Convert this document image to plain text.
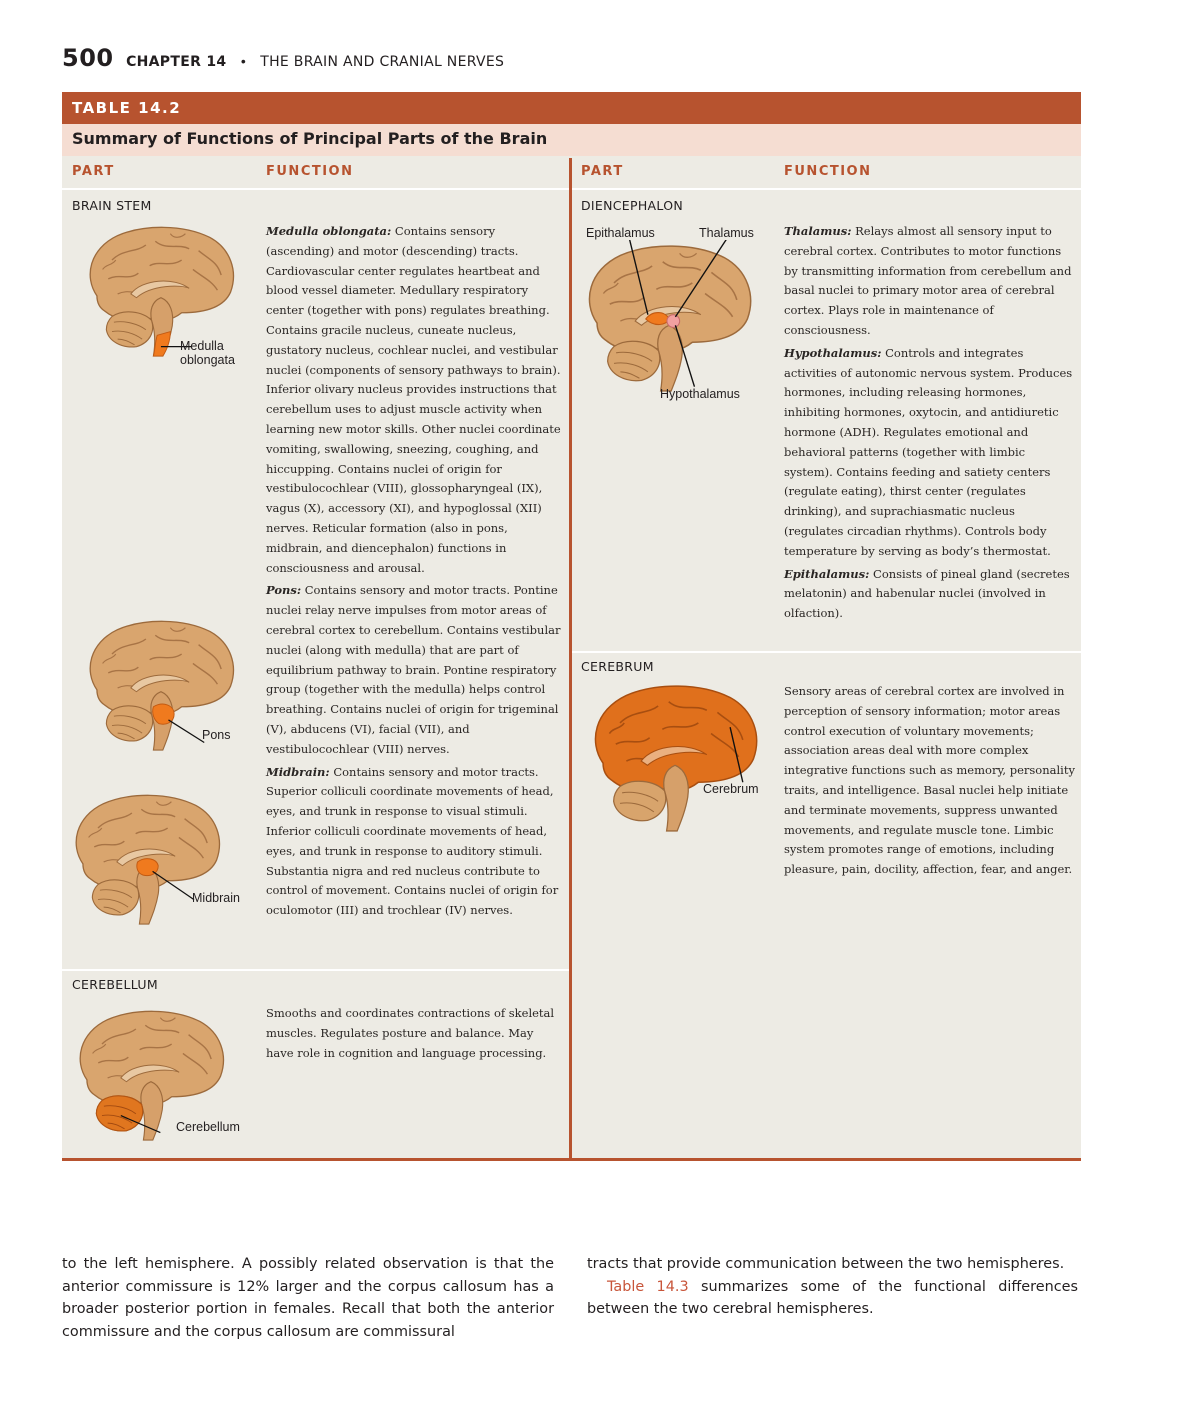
500 CHAPTER 14 • THE BRAIN AND CRANIAL NERVES
TABLE 14.2
Summary of Functions of Principal Parts of the Brain
PART	FUNCTION	PART	FUNCTION
BRAIN STEM
Medulla oblongata
Pons
Midbrain

Medulla oblongata: Contains sensory (ascending) and motor (descending) tracts. Cardiovascular center regulates heartbeat and blood vessel diameter. Medullary respiratory center (together with pons) regulates breathing. Contains gracile nucleus, cuneate nucleus, gustatory nucleus, cochlear nuclei, and vestibular nuclei (components of sensory pathways to brain). Inferior olivary nucleus provides instructions that cerebellum uses to adjust muscle activity when learning new motor skills. Other nuclei coordinate vomiting, swallowing, sneezing, coughing, and hiccupping. Contains nuclei of origin for vestibulocochlear (VIII), glossopharyngeal (IX), vagus (X), accessory (XI), and hypoglossal (XII) nerves. Reticular formation (also in pons, midbrain, and diencephalon) functions in consciousness and arousal.

Pons: Contains sensory and motor tracts. Pontine nuclei relay nerve impulses from motor areas of cerebral cortex to cerebellum. Contains vestibular nuclei (along with medulla) that are part of equilibrium pathway to brain. Pontine respiratory group (together with the medulla) helps control breathing. Contains nuclei of origin for trigeminal (V), abducens (VI), facial (VII), and vestibulocochlear (VIII) nerves.

Midbrain: Contains sensory and motor tracts. Superior colliculi coordinate movements of head, eyes, and trunk in response to visual stimuli. Inferior colliculi coordinate movements of head, eyes, and trunk in response to auditory stimuli. Substantia nigra and red nucleus contribute to control of movement. Contains nuclei of origin for oculomotor (III) and trochlear (IV) nerves.

CEREBELLUM
Cerebellum
Smooths and coordinates contractions of skeletal muscles. Regulates posture and balance. May have role in cognition and language processing.
DIENCEPHALON
Epithalamus	Thalamus
Hypothalamus

Thalamus: Relays almost all sensory input to cerebral cortex. Contributes to motor functions by transmitting information from cerebellum and basal nuclei to primary motor area of cerebral cortex. Plays role in maintenance of consciousness.

Hypothalamus: Controls and integrates activities of autonomic nervous system. Produces hormones, including releasing hormones, inhibiting hormones, oxytocin, and antidiuretic hormone (ADH). Regulates emotional and behavioral patterns (together with limbic system). Contains feeding and satiety centers (regulate eating), thirst center (regulates drinking), and suprachiasmatic nucleus (regulates circadian rhythms). Controls body temperature by serving as body’s thermostat.

Epithalamus: Consists of pineal gland (secretes melatonin) and habenular nuclei (involved in olfaction).

CEREBRUM
Cerebrum
Sensory areas of cerebral cortex are involved in perception of sensory information; motor areas control execution of voluntary movements; association areas deal with more complex integrative functions such as memory, personality traits, and intelligence. Basal nuclei help initiate and terminate movements, suppress unwanted movements, and regulate muscle tone. Limbic system promotes range of emotions, including pleasure, pain, docility, affection, fear, and anger.
to the left hemisphere. A possibly related observation is that the anterior commissure is 12% larger and the corpus callosum has a broader posterior portion in females. Recall that both the anterior commissure and the corpus callosum are commissural
tracts that provide communication between the two hemispheres.
Table 14.3 summarizes some of the functional differences between the two cerebral hemispheres.
